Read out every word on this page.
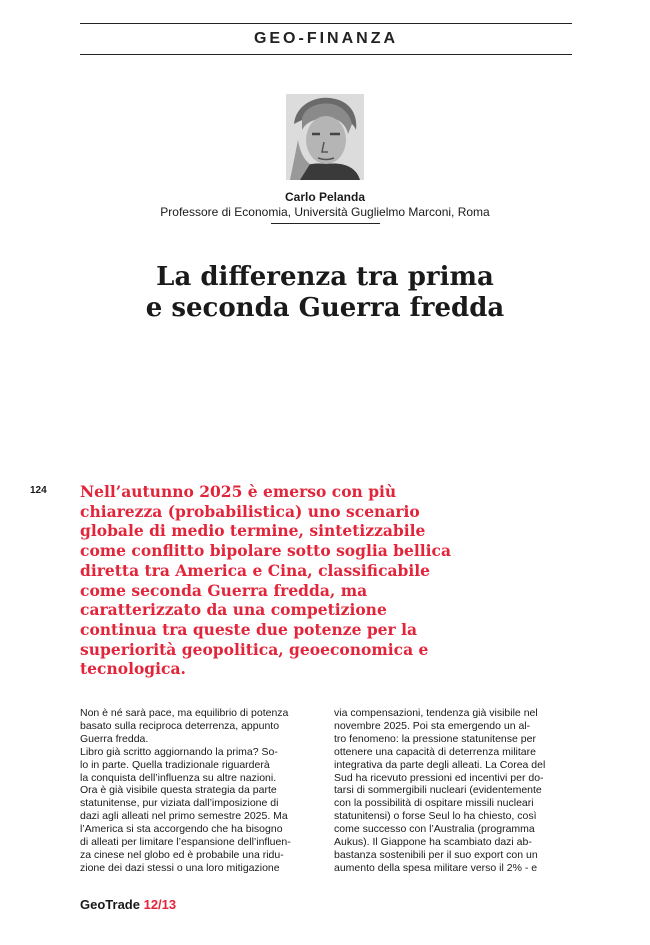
GEO-FINANZA
Carlo Pelanda
Professore di Economia, Università Guglielmo Marconi, Roma
La differenza tra prima
e seconda Guerra fredda
124 Nell’autunno 2025 è emerso con più
chiarezza (probabilistica) uno scenario
globale di medio termine, sintetizzabile
come conflitto bipolare sotto soglia bellica
diretta tra America e Cina, classificabile
come seconda Guerra fredda, ma
caratterizzato da una competizione
continua tra queste due potenze per la
superiorità geopolitica, geoeconomica e
tecnologica.
Non è né sarà pace, ma equilibrio di potenza
basato sulla reciproca deterrenza, appunto
Guerra fredda.
Libro già scritto aggiornando la prima? So-
lo in parte. Quella tradizionale riguarderà
la conquista dell’influenza su altre nazioni.
Ora è già visibile questa strategia da parte
statunitense, pur viziata dall’imposizione di
dazi agli alleati nel primo semestre 2025. Ma
l’America si sta accorgendo che ha bisogno
di alleati per limitare l’espansione dell’influen-
za cinese nel globo ed è probabile una ridu-
zione dei dazi stessi o una loro mitigazione
via compensazioni, tendenza già visibile nel
novembre 2025. Poi sta emergendo un al-
tro fenomeno: la pressione statunitense per
ottenere una capacità di deterrenza militare
integrativa da parte degli alleati. La Corea del
Sud ha ricevuto pressioni ed incentivi per do-
tarsi di sommergibili nucleari (evidentemente
con la possibilità di ospitare missili nucleari
statunitensi) o forse Seul lo ha chiesto, così
come successo con l’Australia (programma
Aukus). Il Giappone ha scambiato dazi ab-
bastanza sostenibili per il suo export con un
aumento della spesa militare verso il 2% - e
GeoTrade 12/13
